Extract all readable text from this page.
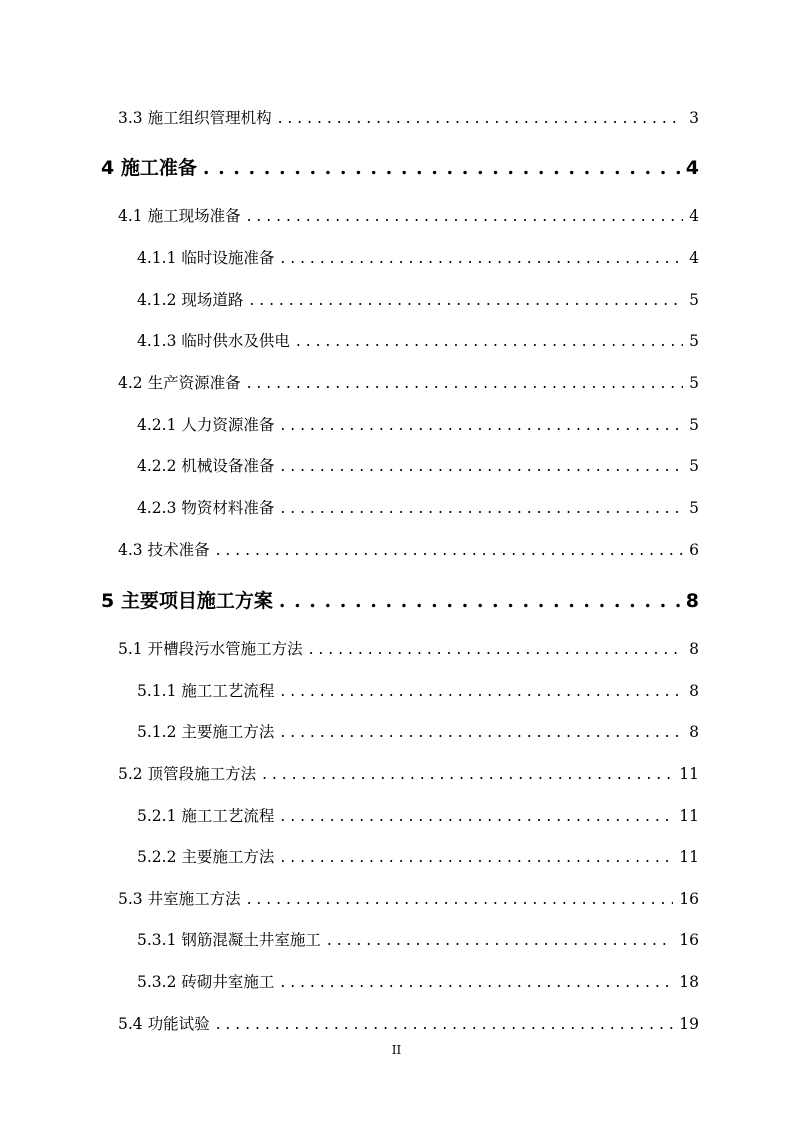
3.3 施工组织管理机构 . . .	3
4 施工准备 . . .	4
4.1 施工现场准备 . . .	4
4.1.1 临时设施准备 . . .	4
4.1.2 现场道路 . . .	5
4.1.3 临时供水及供电 . . .	5
4.2 生产资源准备 . . .	5
4.2.1 人力资源准备 . . .	5
4.2.2 机械设备准备 . . .	5
4.2.3 物资材料准备 . . .	5
4.3 技术准备 . . .	6
5 主要项目施工方案 . . .	8
5.1 开槽段污水管施工方法 . . .	8
5.1.1 施工工艺流程 . . .	8
5.1.2 主要施工方法 . . .	8
5.2 顶管段施工方法 . . .	11
5.2.1 施工工艺流程 . . .	11
5.2.2 主要施工方法 . . .	11
5.3 井室施工方法 . . .	16
5.3.1 钢筋混凝土井室施工 . . .	16
5.3.2 砖砌井室施工 . . .	18
5.4 功能试验 . . .	19
II
